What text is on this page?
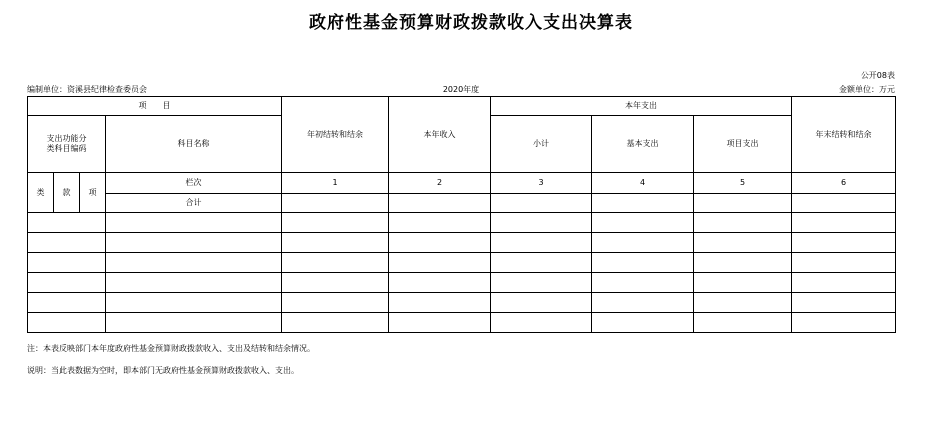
政府性基金预算财政拨款收入支出决算表
公开08表
编制单位：资溪县纪律检查委员会	2020年度	金额单位：万元
项　　目				年初结转和结余	本年收入	本年支出			年末结转和结余

支出功能分
类科目编码			科目名称			小计	基本支出	项目支出	
类	款	项	栏次	1	2	3	4	5	6
			合计						

注：本表反映部门本年度政府性基金预算财政拨款收入、支出及结转和结余情况。
说明：当此表数据为空时，即本部门无政府性基金预算财政拨款收入、支出。
